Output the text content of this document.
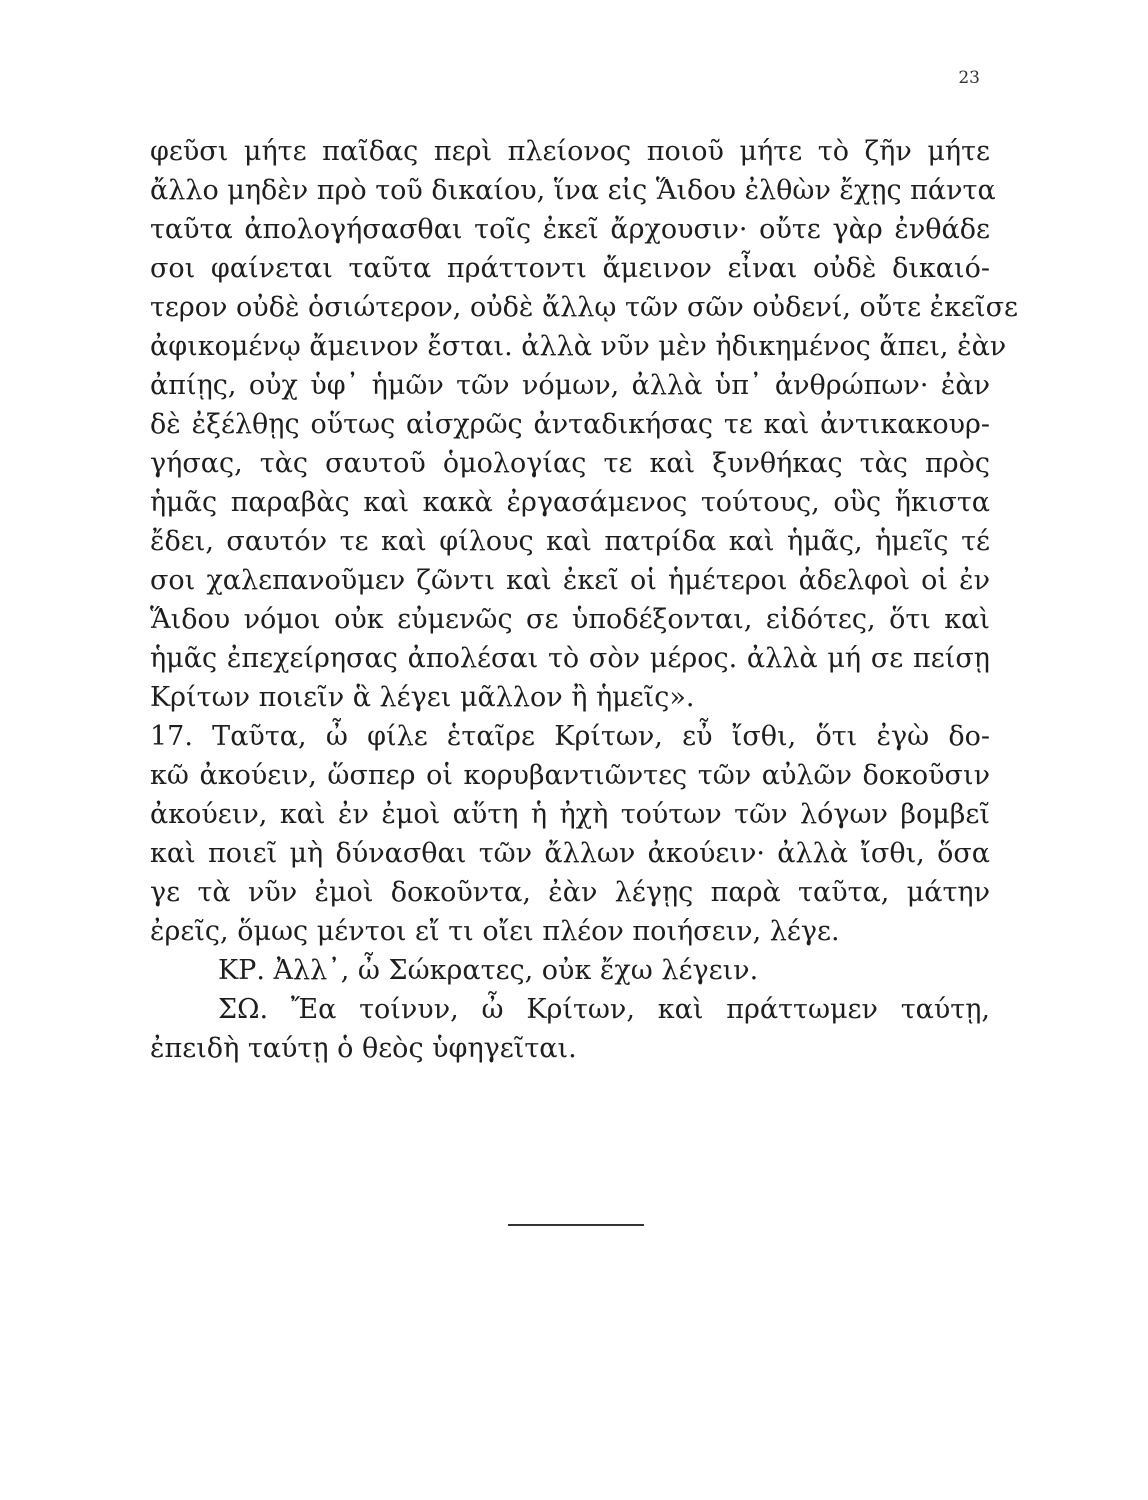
23
φεῦσι μήτε παῖδας περὶ πλείονος ποιοῦ μήτε τὸ ζῆν μήτε
ἄλλο μηδὲν πρὸ τοῦ δικαίου, ἵνα εἰς Ἅιδου ἐλθὼν ἔχῃς πάντα
ταῦτα ἀπολογήσασθαι τοῖς ἐκεῖ ἄρχουσιν· οὔτε γὰρ ἐνθάδε
σοι φαίνεται ταῦτα πράττοντι ἄμεινον εἶναι οὐδὲ δικαιό-
τερον οὐδὲ ὁσιώτερον, οὐδὲ ἄλλῳ τῶν σῶν οὐδενί, οὔτε ἐκεῖσε
ἀφικομένῳ ἄμεινον ἔσται. ἀλλὰ νῦν μὲν ἠδικημένος ἄπει, ἐὰν
ἀπίῃς, οὐχ ὑφ᾽ ἡμῶν τῶν νόμων, ἀλλὰ ὑπ᾽ ἀνθρώπων· ἐὰν
δὲ ἐξέλθῃς οὕτως αἰσχρῶς ἀνταδικήσας τε καὶ ἀντικακουρ-
γήσας, τὰς σαυτοῦ ὁμολογίας τε καὶ ξυνθήκας τὰς πρὸς
ἡμᾶς παραβὰς καὶ κακὰ ἐργασάμενος τούτους, οὓς ἥκιστα
ἔδει, σαυτόν τε καὶ φίλους καὶ πατρίδα καὶ ἡμᾶς, ἡμεῖς τέ
σοι χαλεπανοῦμεν ζῶντι καὶ ἐκεῖ οἱ ἡμέτεροι ἀδελφοὶ οἱ ἐν
Ἅιδου νόμοι οὐκ εὐμενῶς σε ὑποδέξονται, εἰδότες, ὅτι καὶ
ἡμᾶς ἐπεχείρησας ἀπολέσαι τὸ σὸν μέρος. ἀλλὰ μή σε πείσῃ
Κρίτων ποιεῖν ἃ λέγει μᾶλλον ἢ ἡμεῖς».
17. Ταῦτα, ὦ φίλε ἑταῖρε Κρίτων, εὖ ἴσθι, ὅτι ἐγὼ δο-
κῶ ἀκούειν, ὥσπερ οἱ κορυβαντιῶντες τῶν αὐλῶν δοκοῦσιν
ἀκούειν, καὶ ἐν ἐμοὶ αὕτη ἡ ἠχὴ τούτων τῶν λόγων βομβεῖ
καὶ ποιεῖ μὴ δύνασθαι τῶν ἄλλων ἀκούειν· ἀλλὰ ἴσθι, ὅσα
γε τὰ νῦν ἐμοὶ δοκοῦντα, ἐὰν λέγῃς παρὰ ταῦτα, μάτην
ἐρεῖς, ὅμως μέντοι εἴ τι οἴει πλέον ποιήσειν, λέγε.
ΚΡ. Ἀλλ᾽, ὦ Σώκρατες, οὐκ ἔχω λέγειν.
ΣΩ. Ἔα τοίνυν, ὦ Κρίτων, καὶ πράττωμεν ταύτῃ,
ἐπειδὴ ταύτῃ ὁ θεὸς ὑφηγεῖται.
